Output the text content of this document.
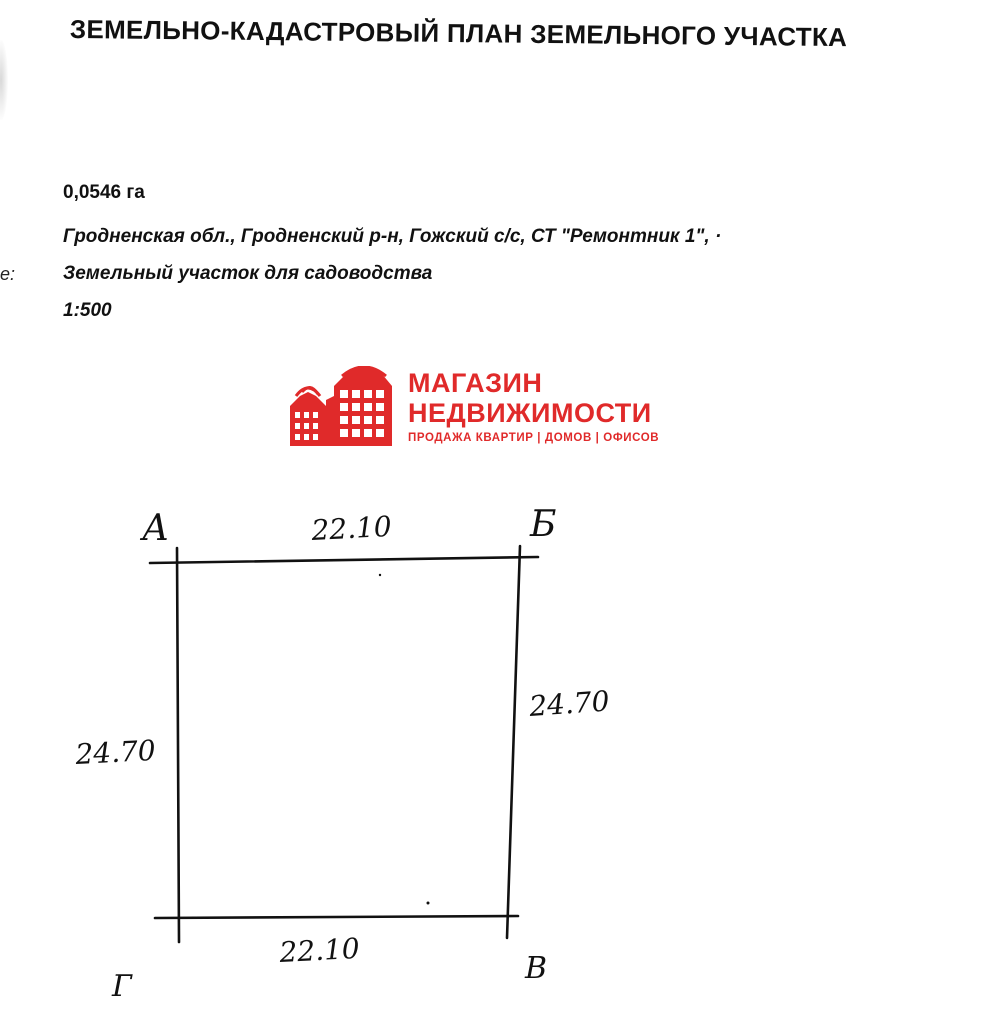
e:
ЗЕМЕЛЬНО-КАДАСТРОВЫЙ ПЛАН ЗЕМЕЛЬНОГО УЧАСТКА
0,0546 га
Гродненская обл., Гродненский р-н, Гожский с/с, СТ "Ремонтник 1", ·
Земельный участок для садоводства
1:500
МАГАЗИН
НЕДВИЖИМОСТИ
ПРОДАЖА КВАРТИР | ДОМОВ | ОФИСОВ
А	Б
В
Г
22.10
24.70
22.10
24.70
